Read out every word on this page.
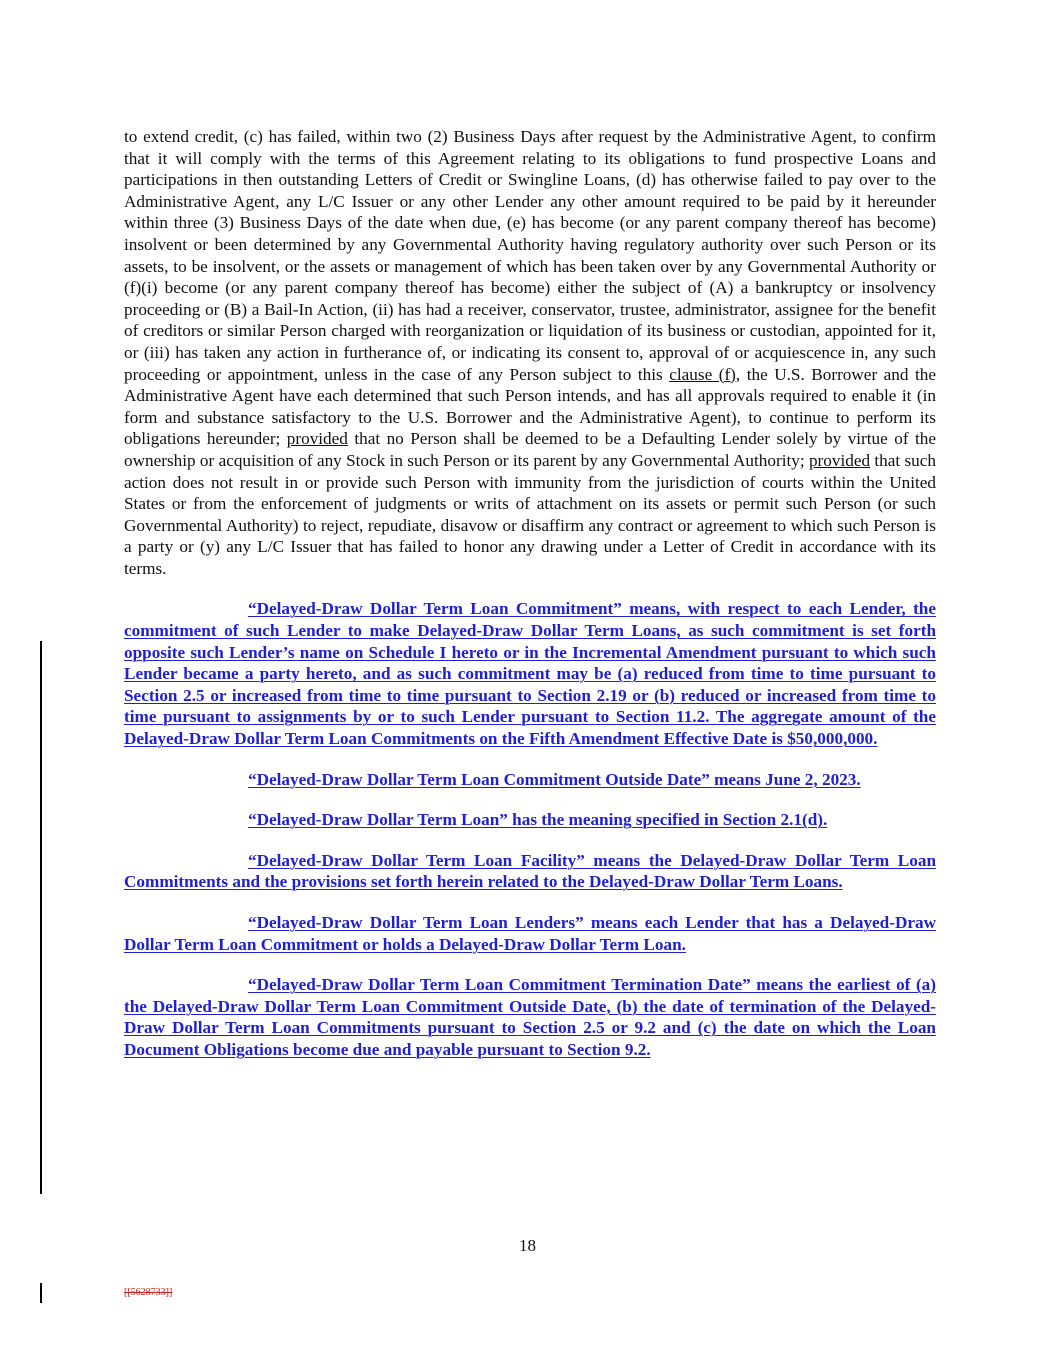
to extend credit, (c) has failed, within two (2) Business Days after request by the Administrative Agent, to confirm that it will comply with the terms of this Agreement relating to its obligations to fund prospective Loans and participations in then outstanding Letters of Credit or Swingline Loans, (d) has otherwise failed to pay over to the Administrative Agent, any L/C Issuer or any other Lender any other amount required to be paid by it hereunder within three (3) Business Days of the date when due, (e) has become (or any parent company thereof has become) insolvent or been determined by any Governmental Authority having regulatory authority over such Person or its assets, to be insolvent, or the assets or management of which has been taken over by any Governmental Authority or (f)(i) become (or any parent company thereof has become) either the subject of (A) a bankruptcy or insolvency proceeding or (B) a Bail-In Action, (ii) has had a receiver, conservator, trustee, administrator, assignee for the benefit of creditors or similar Person charged with reorganization or liquidation of its business or custodian, appointed for it, or (iii) has taken any action in furtherance of, or indicating its consent to, approval of or acquiescence in, any such proceeding or appointment, unless in the case of any Person subject to this clause (f), the U.S. Borrower and the Administrative Agent have each determined that such Person intends, and has all approvals required to enable it (in form and substance satisfactory to the U.S. Borrower and the Administrative Agent), to continue to perform its obligations hereunder; provided that no Person shall be deemed to be a Defaulting Lender solely by virtue of the ownership or acquisition of any Stock in such Person or its parent by any Governmental Authority; provided that such action does not result in or provide such Person with immunity from the jurisdiction of courts within the United States or from the enforcement of judgments or writs of attachment on its assets or permit such Person (or such Governmental Authority) to reject, repudiate, disavow or disaffirm any contract or agreement to which such Person is a party or (y) any L/C Issuer that has failed to honor any drawing under a Letter of Credit in accordance with its terms.

“Delayed-Draw Dollar Term Loan Commitment” means, with respect to each Lender, the commitment of such Lender to make Delayed-Draw Dollar Term Loans, as such commitment is set forth opposite such Lender’s name on Schedule I hereto or in the Incremental Amendment pursuant to which such Lender became a party hereto, and as such commitment may be (a) reduced from time to time pursuant to Section 2.5 or increased from time to time pursuant to Section 2.19 or (b) reduced or increased from time to time pursuant to assignments by or to such Lender pursuant to Section 11.2. The aggregate amount of the Delayed-Draw Dollar Term Loan Commitments on the Fifth Amendment Effective Date is $50,000,000.

“Delayed-Draw Dollar Term Loan Commitment Outside Date” means June 2, 2023.

“Delayed-Draw Dollar Term Loan” has the meaning specified in Section 2.1(d).

“Delayed-Draw Dollar Term Loan Facility” means the Delayed-Draw Dollar Term Loan Commitments and the provisions set forth herein related to the Delayed-Draw Dollar Term Loans.

“Delayed-Draw Dollar Term Loan Lenders” means each Lender that has a Delayed-Draw Dollar Term Loan Commitment or holds a Delayed-Draw Dollar Term Loan.

“Delayed-Draw Dollar Term Loan Commitment Termination Date” means the earliest of (a) the Delayed-Draw Dollar Term Loan Commitment Outside Date, (b) the date of termination of the Delayed-Draw Dollar Term Loan Commitments pursuant to Section 2.5 or 9.2 and (c) the date on which the Loan Document Obligations become due and payable pursuant to Section 9.2.

18
[[5628733]]
